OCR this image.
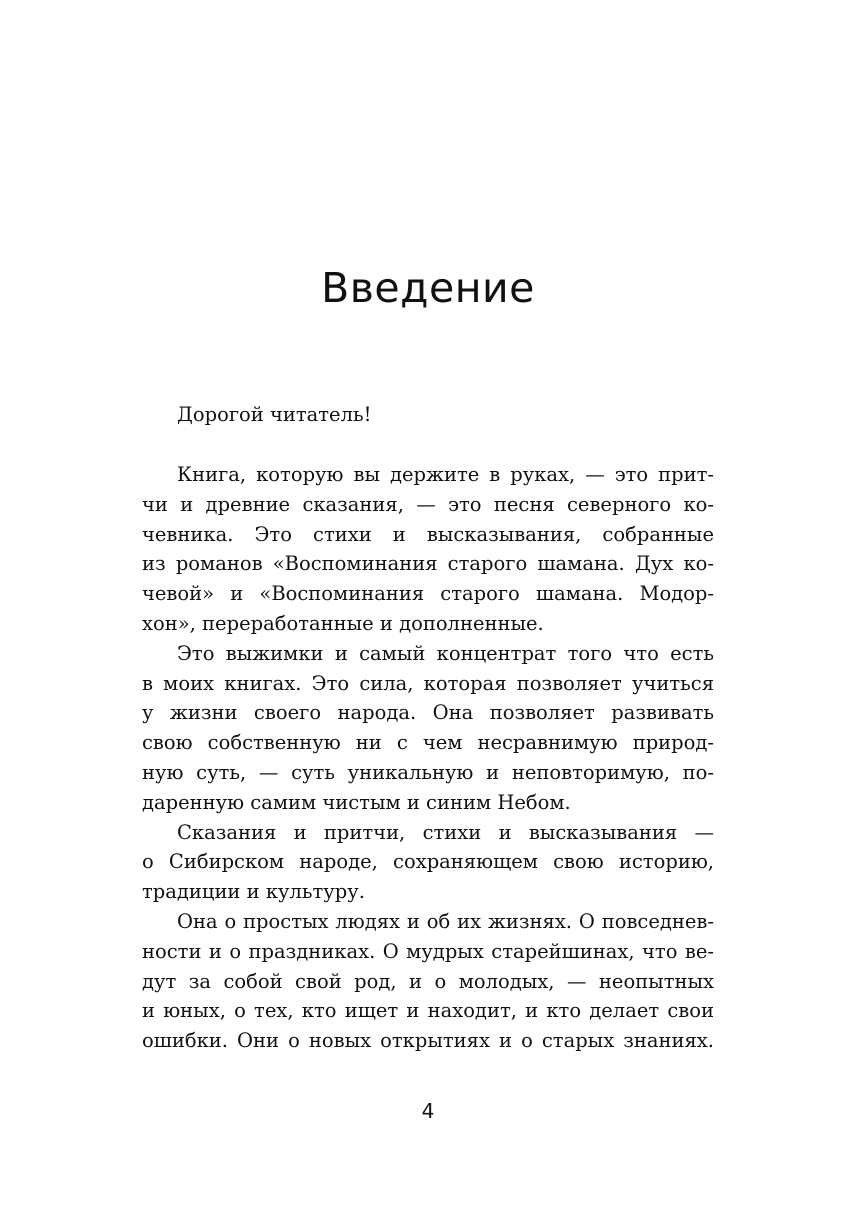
Введение
Дорогой читатель!
Книга, которую вы держите в руках, — это прит-
чи и древние сказания, — это песня северного ко-
чевника. Это стихи и высказывания, собранные
из романов «Воспоминания старого шамана. Дух ко-
чевой» и «Воспоминания старого шамана. Модор-
хон», переработанные и дополненные.
Это выжимки и самый концентрат того что есть
в моих книгах. Это сила, которая позволяет учиться
у жизни своего народа. Она позволяет развивать
свою собственную ни с чем несравнимую природ-
ную суть, — суть уникальную и неповторимую, по-
даренную самим чистым и синим Небом.
Сказания и притчи, стихи и высказывания —
о Сибирском народе, сохраняющем свою историю,
традиции и культуру.
Она о простых людях и об их жизнях. О повседнев-
ности и о праздниках. О мудрых старейшинах, что ве-
дут за собой свой род, и о молодых, — неопытных
и юных, о тех, кто ищет и находит, и кто делает свои
ошибки. Они о новых открытиях и о старых знаниях.
4
